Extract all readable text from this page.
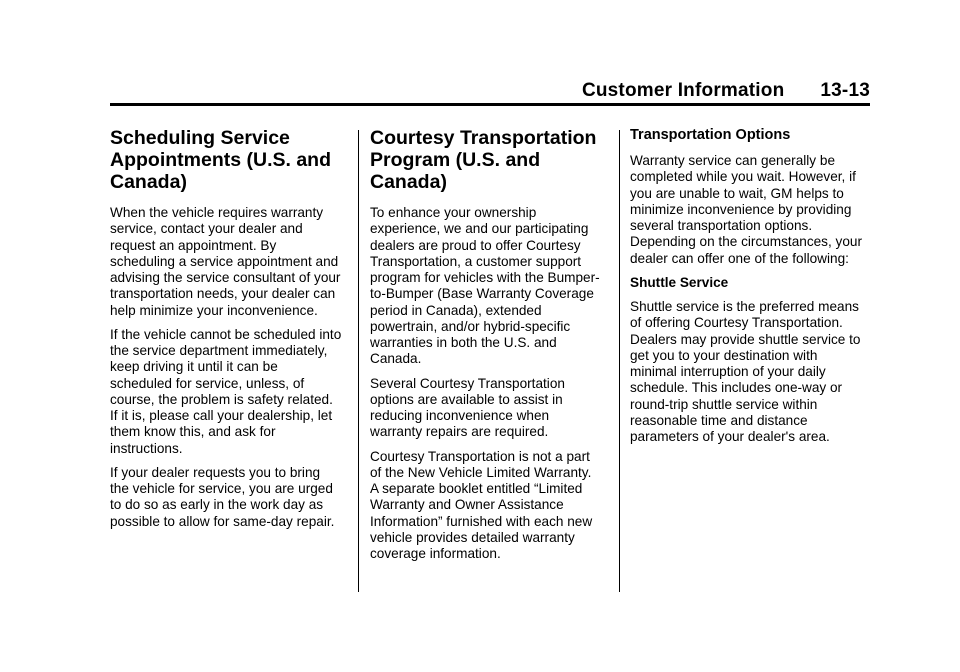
Customer Information 13-13
Scheduling Service Appointments (U.S. and Canada)

When the vehicle requires warranty service, contact your dealer and request an appointment. By scheduling a service appointment and advising the service consultant of your transportation needs, your dealer can help minimize your inconvenience.

If the vehicle cannot be scheduled into the service department immediately, keep driving it until it can be scheduled for service, unless, of course, the problem is safety related. If it is, please call your dealership, let them know this, and ask for instructions.

If your dealer requests you to bring the vehicle for service, you are urged to do so as early in the work day as possible to allow for same-day repair.

Courtesy Transportation Program (U.S. and Canada)

To enhance your ownership experience, we and our participating dealers are proud to offer Courtesy Transportation, a customer support program for vehicles with the Bumper-to-Bumper (Base Warranty Coverage period in Canada), extended powertrain, and/or hybrid-specific warranties in both the U.S. and Canada.

Several Courtesy Transportation options are available to assist in reducing inconvenience when warranty repairs are required.

Courtesy Transportation is not a part of the New Vehicle Limited Warranty. A separate booklet entitled “Limited Warranty and Owner Assistance Information” furnished with each new vehicle provides detailed warranty coverage information.

Transportation Options

Warranty service can generally be completed while you wait. However, if you are unable to wait, GM helps to minimize inconvenience by providing several transportation options. Depending on the circumstances, your dealer can offer one of the following:

Shuttle Service

Shuttle service is the preferred means of offering Courtesy Transportation. Dealers may provide shuttle service to get you to your destination with minimal interruption of your daily schedule. This includes one-way or round-trip shuttle service within reasonable time and distance parameters of your dealer's area.
